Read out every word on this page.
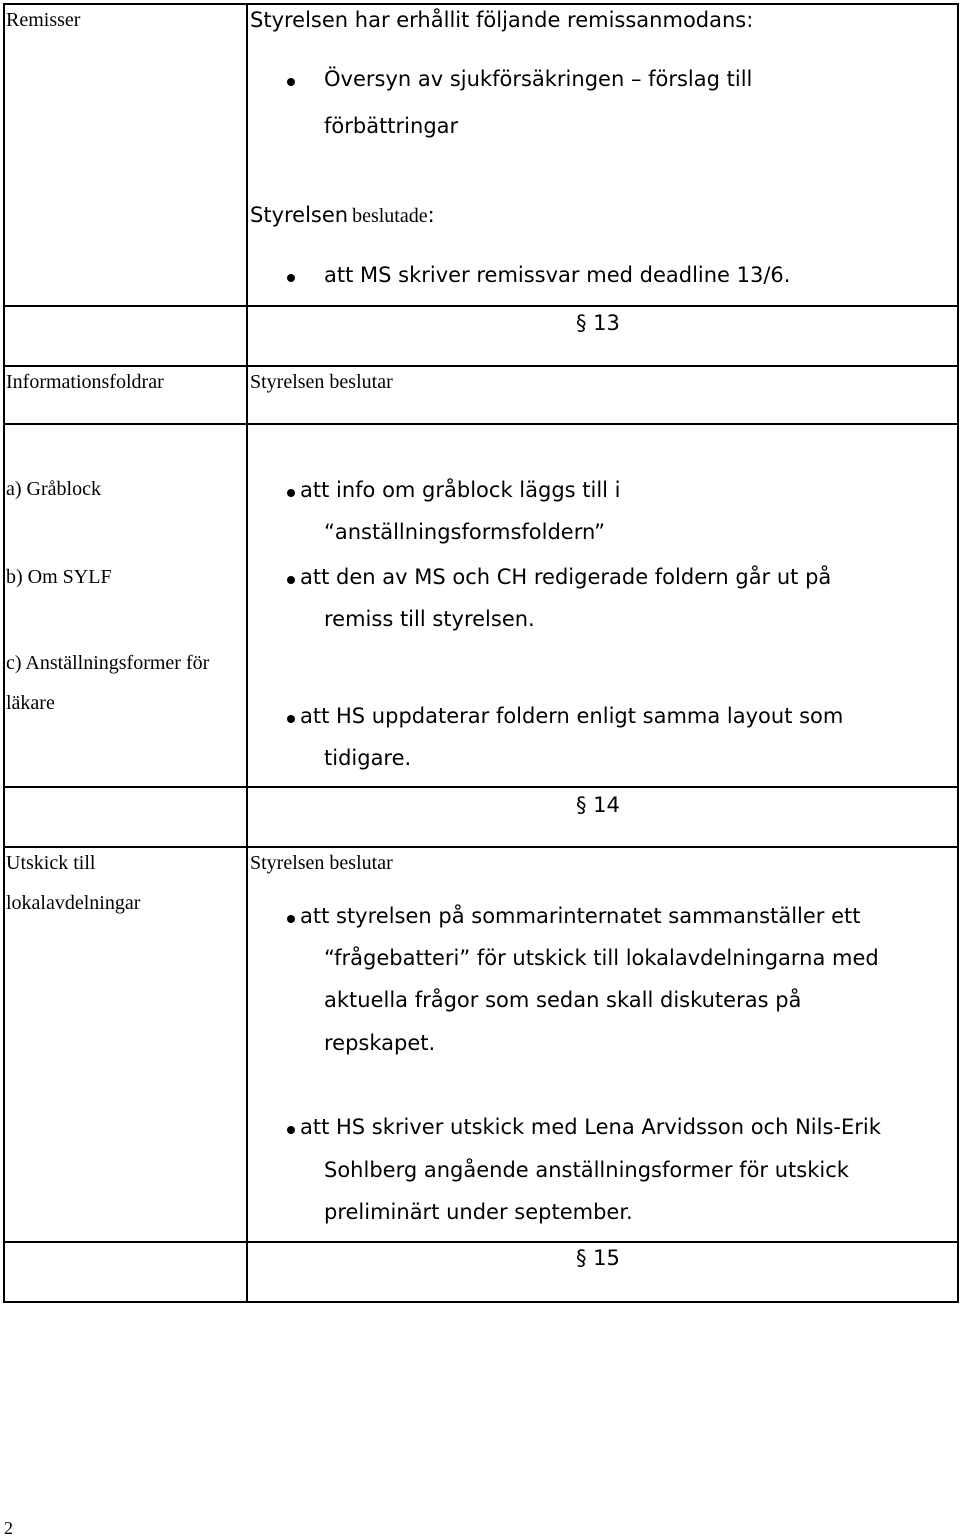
Remisser	Styrelsen har erhållit följande remissanmodans:
Översyn av sjukförsäkringen – förslag till
förbättringar
Styrelsen beslutade:
att MS skriver remissvar med deadline 13/6.
§ 13
Informationsfoldrar	Styrelsen beslutar
a) Gråblock
b) Om SYLF
c) Anställningsformer för
läkare
att info om gråblock läggs till i
“anställningsformsfoldern”
att den av MS och CH redigerade foldern går ut på
remiss till styrelsen.
att HS uppdaterar foldern enligt samma layout som
tidigare.
§ 14
Utskick till
lokalavdelningar
Styrelsen beslutar
att styrelsen på sommarinternatet sammanställer ett
“frågebatteri” för utskick till lokalavdelningarna med
aktuella frågor som sedan skall diskuteras på
repskapet.
att HS skriver utskick med Lena Arvidsson och Nils-Erik
Sohlberg angående anställningsformer för utskick
preliminärt under september.
§ 15
2
